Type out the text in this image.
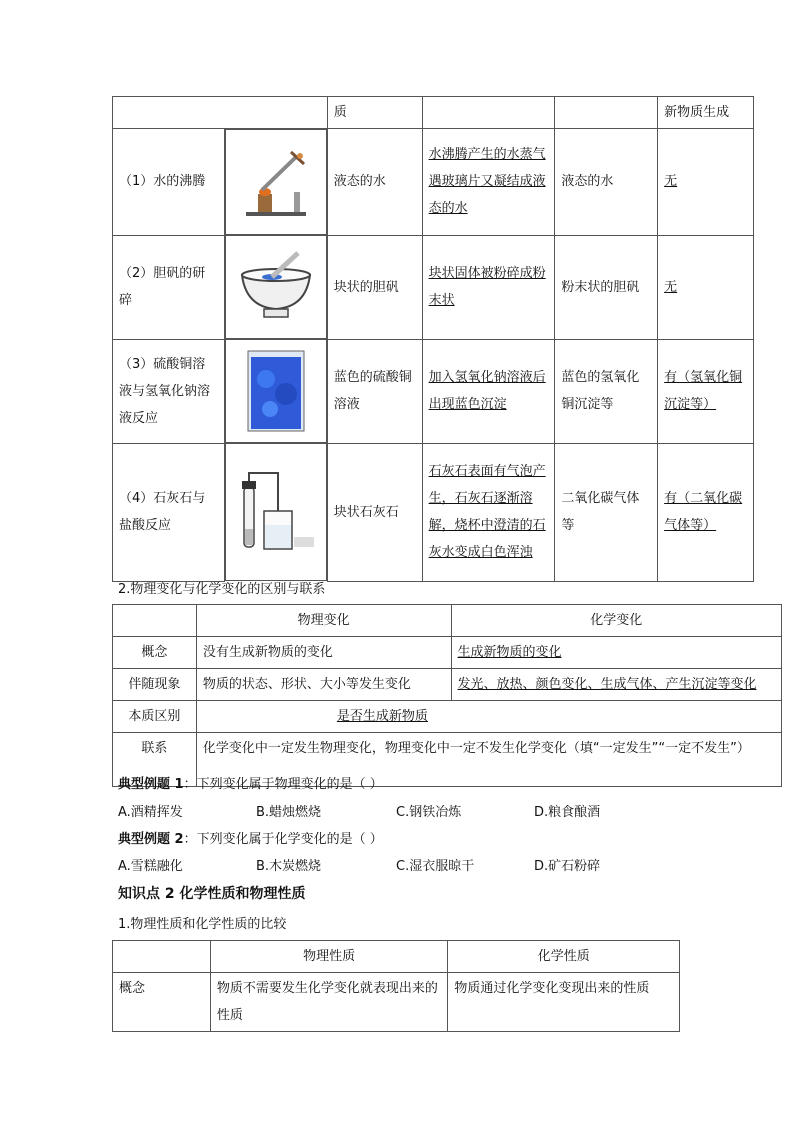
	质			新物质生成
（1）水的沸腾	液态的水	水沸腾产生的水蒸气遇玻璃片又凝结成液态的水	液态的水	无
（2）胆矾的研碎	块状的胆矾	块状固体被粉碎成粉末状	粉末状的胆矾	无
（3）硫酸铜溶液与氢氧化钠溶液反应	蓝色的硫酸铜溶液	加入氢氧化钠溶液后出现蓝色沉淀	蓝色的氢氧化铜沉淀等	有（氢氧化铜沉淀等）
（4）石灰石与盐酸反应	块状石灰石	石灰石表面有气泡产生，石灰石逐渐溶解，烧杯中澄清的石灰水变成白色浑浊	二氧化碳气体等	有（二氧化碳气体等）
2.物理变化与化学变化的区别与联系
	物理变化	化学变化
概念	没有生成新物质的变化	生成新物质的变化
伴随现象	物质的状态、形状、大小等发生变化	发光、放热、颜色变化、生成气体、产生沉淀等变化
本质区别	是否生成新物质	
联系	化学变化中一定发生物理变化，物理变化中一定不发生化学变化（填“一定发生”“一定不发生”）	
典型例题 1：下列变化属于物理变化的是（ ）
A.酒精挥发	B.蜡烛燃烧	C.钢铁冶炼	D.粮食酿酒
典型例题 2：下列变化属于化学变化的是（ ）
A.雪糕融化	B.木炭燃烧	C.湿衣服晾干	D.矿石粉碎
知识点 2 化学性质和物理性质
1.物理性质和化学性质的比较
	物理性质	化学性质
概念	物质不需要发生化学变化就表现出来的性质	物质通过化学变化变现出来的性质
